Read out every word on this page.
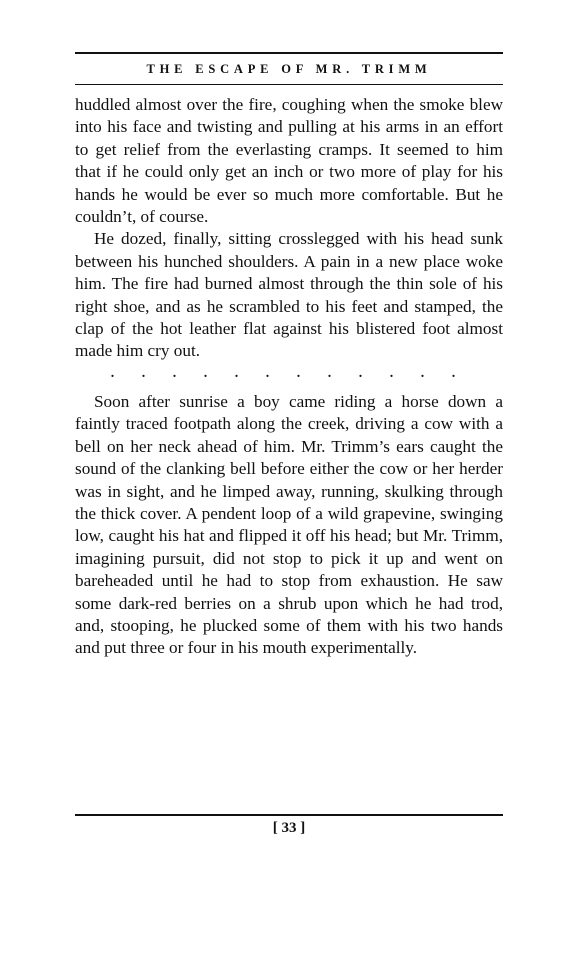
THE ESCAPE OF MR. TRIMM

huddled almost over the fire, coughing when the smoke blew into his face and twisting and pulling at his arms in an effort to get relief from the everlasting cramps. It seemed to him that if he could only get an inch or two more of play for his hands he would be ever so much more comfortable. But he couldn’t, of course.

He dozed, finally, sitting crosslegged with his head sunk between his hunched shoulders. A pain in a new place woke him. The fire had burned almost through the thin sole of his right shoe, and as he scrambled to his feet and stamped, the clap of the hot leather flat against his blistered foot almost made him cry out.

. . . . . . . . . . . .

Soon after sunrise a boy came riding a horse down a faintly traced footpath along the creek, driving a cow with a bell on her neck ahead of him. Mr. Trimm’s ears caught the sound of the clanking bell before either the cow or her herder was in sight, and he limped away, running, skulking through the thick cover. A pendent loop of a wild grapevine, swinging low, caught his hat and flipped it off his head; but Mr. Trimm, imagining pursuit, did not stop to pick it up and went on bareheaded until he had to stop from exhaustion. He saw some dark-red berries on a shrub upon which he had trod, and, stooping, he plucked some of them with his two hands and put three or four in his mouth experimentally.

[ 33 ]
